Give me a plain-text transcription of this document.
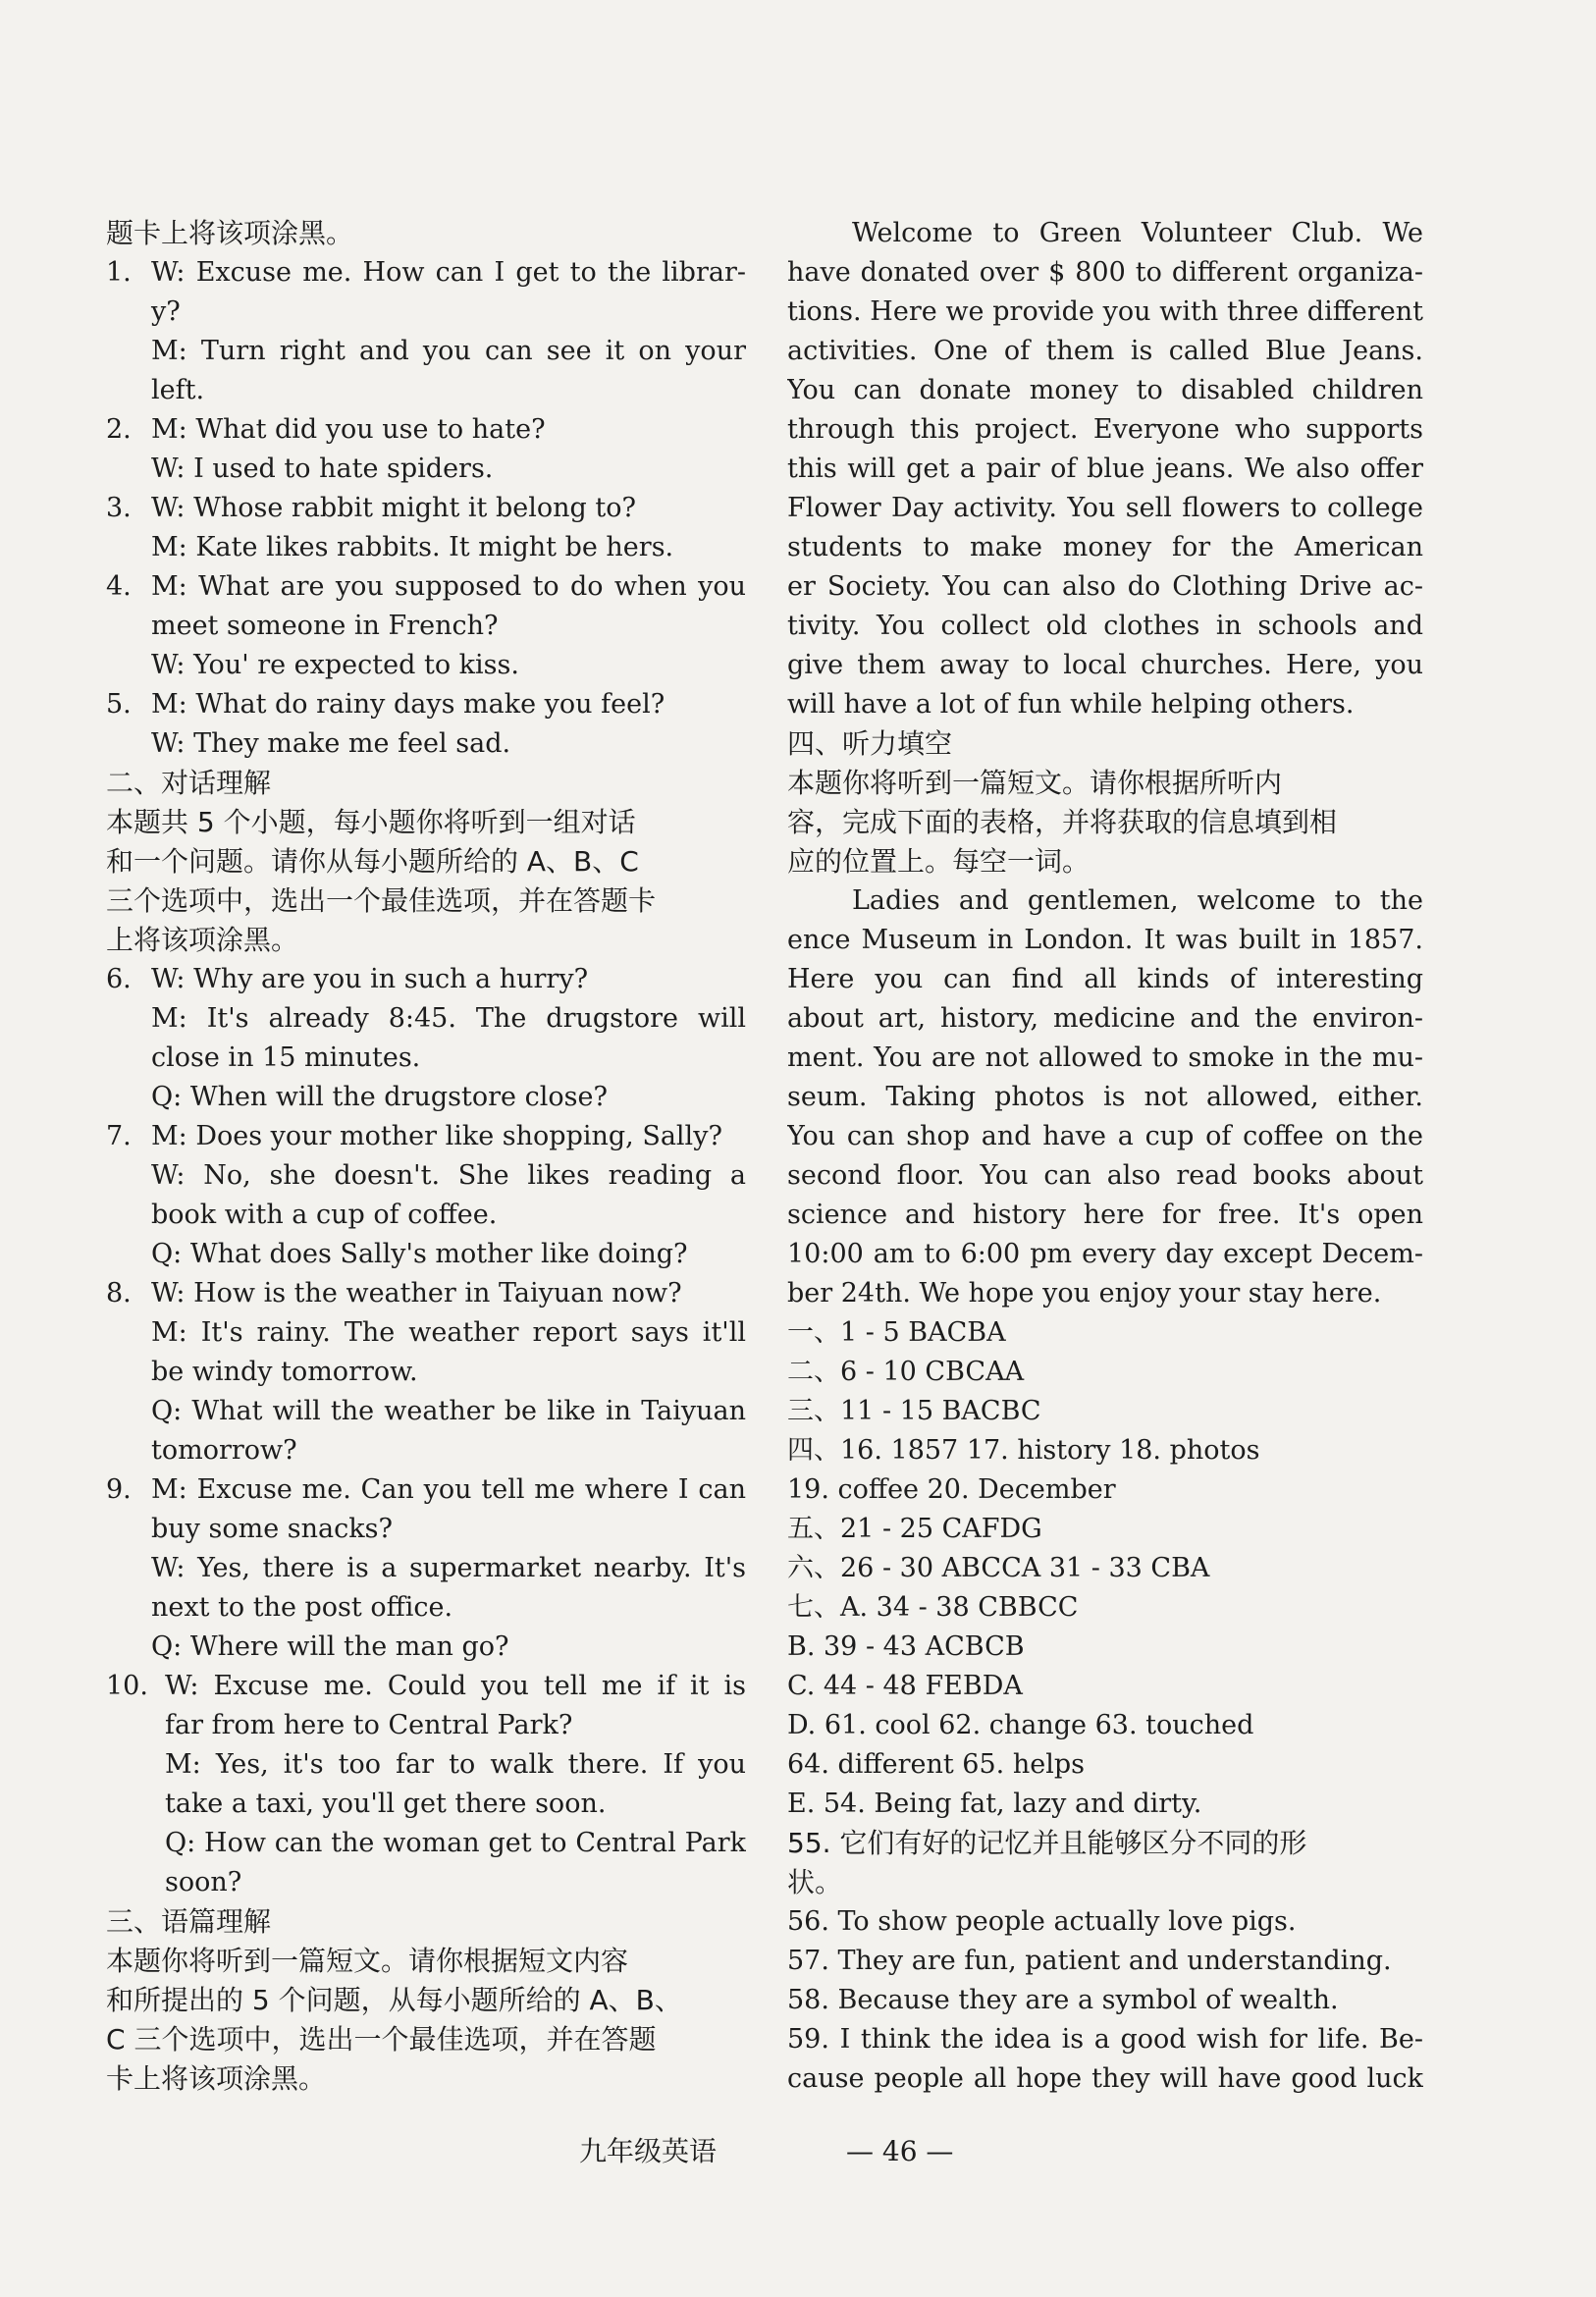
题卡上将该项涂黑。
1. W: Excuse me. How can I get to the librar-
y?
M: Turn right and you can see it on your
left.
2. M: What did you use to hate?
W: I used to hate spiders.
3. W: Whose rabbit might it belong to?
M: Kate likes rabbits. It might be hers.
4. M: What are you supposed to do when you
meet someone in French?
W: You' re expected to kiss.
5. M: What do rainy days make you feel?
W: They make me feel sad.
二、对话理解
本题共 5 个小题，每小题你将听到一组对话
和一个问题。请你从每小题所给的 A、B、C
三个选项中，选出一个最佳选项，并在答题卡
上将该项涂黑。
6. W: Why are you in such a hurry?
M: It's already 8:45. The drugstore will
close in 15 minutes.
Q: When will the drugstore close?
7. M: Does your mother like shopping, Sally?
W: No, she doesn't. She likes reading a
book with a cup of coffee.
Q: What does Sally's mother like doing?
8. W: How is the weather in Taiyuan now?
M: It's rainy. The weather report says it'll
be windy tomorrow.
Q: What will the weather be like in Taiyuan
tomorrow?
9. M: Excuse me. Can you tell me where I can
buy some snacks?
W: Yes, there is a supermarket nearby. It's
next to the post office.
Q: Where will the man go?
10. W: Excuse me. Could you tell me if it is
far from here to Central Park?
M: Yes, it's too far to walk there. If you
take a taxi, you'll get there soon.
Q: How can the woman get to Central Park
soon?
三、语篇理解
本题你将听到一篇短文。请你根据短文内容
和所提出的 5 个问题，从每小题所给的 A、B、
C 三个选项中，选出一个最佳选项，并在答题
卡上将该项涂黑。
Welcome to Green Volunteer Club. We
have donated over $ 800 to different organiza-
tions. Here we provide you with three different
activities. One of them is called Blue Jeans.
You can donate money to disabled children
through this project. Everyone who supports
this will get a pair of blue jeans. We also offer
Flower Day activity. You sell flowers to college
students to make money for the American
er Society. You can also do Clothing Drive ac-
tivity. You collect old clothes in schools and
give them away to local churches. Here, you
will have a lot of fun while helping others.
四、听力填空
本题你将听到一篇短文。请你根据所听内
容，完成下面的表格，并将获取的信息填到相
应的位置上。每空一词。
Ladies and gentlemen, welcome to the
ence Museum in London. It was built in 1857.
Here you can find all kinds of interesting
about art, history, medicine and the environ-
ment. You are not allowed to smoke in the mu-
seum. Taking photos is not allowed, either.
You can shop and have a cup of coffee on the
second floor. You can also read books about
science and history here for free. It's open
10:00 am to 6:00 pm every day except Decem-
ber 24th. We hope you enjoy your stay here.
一、1 - 5 BACBA
二、6 - 10 CBCAA
三、11 - 15 BACBC
四、16. 1857 17. history 18. photos
19. coffee 20. December
五、21 - 25 CAFDG
六、26 - 30 ABCCA 31 - 33 CBA
七、A. 34 - 38 CBBCC
B. 39 - 43 ACBCB
C. 44 - 48 FEBDA
D. 61. cool 62. change 63. touched
64. different 65. helps
E. 54. Being fat, lazy and dirty.
55. 它们有好的记忆并且能够区分不同的形
状。
56. To show people actually love pigs.
57. They are fun, patient and understanding.
58. Because they are a symbol of wealth.
59. I think the idea is a good wish for life. Be-
cause people all hope they will have good luck
九年级英语	— 46 —
